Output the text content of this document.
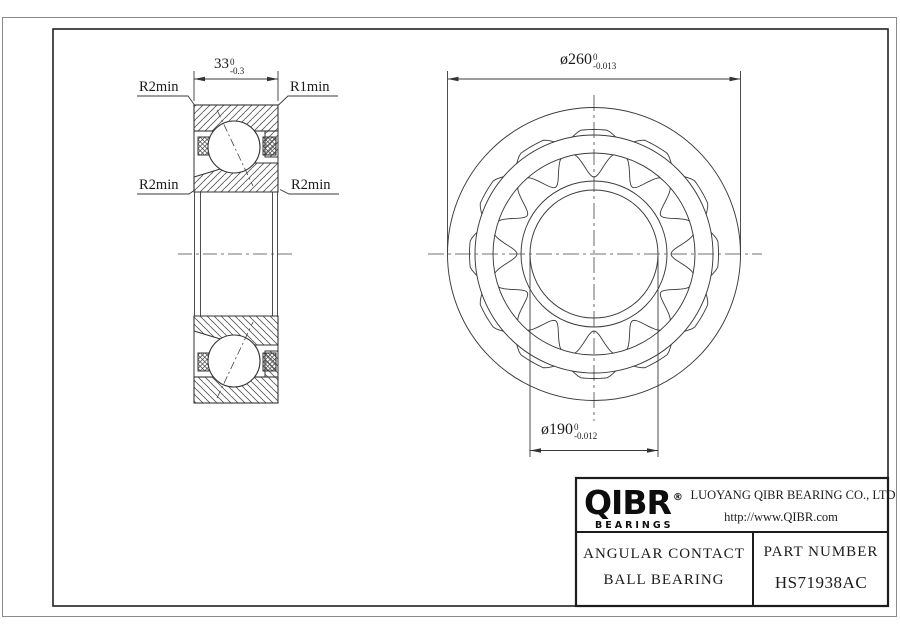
33 0
-0.3
R2min	R1min
R2min	R2min
ø260 0
-0.013
ø190 0
-0.012
QIBR ®
BEARINGS
LUOYANG QIBR BEARING CO., LTD
http://www.QIBR.com
ANGULAR CONTACT
BALL BEARING
PART NUMBER
HS71938AC
